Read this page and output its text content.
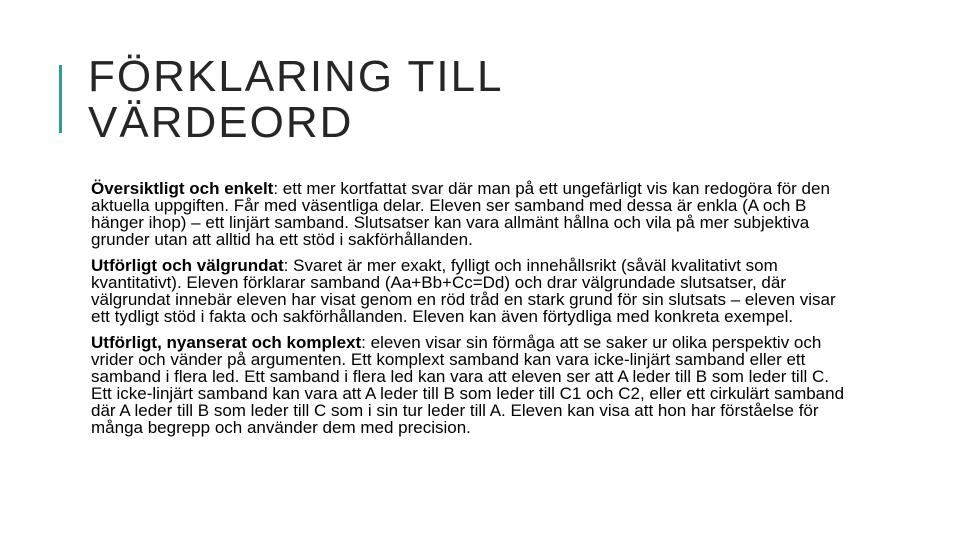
FÖRKLARING TILL
VÄRDEORD

Översiktligt och enkelt: ett mer kortfattat svar där man på ett ungefärligt vis kan redogöra för den aktuella uppgiften. Får med väsentliga delar. Eleven ser samband med dessa är enkla (A och B hänger ihop) – ett linjärt samband. Slutsatser kan vara allmänt hållna och vila på mer subjektiva grunder utan att alltid ha ett stöd i sakförhållanden.

Utförligt och välgrundat: Svaret är mer exakt, fylligt och innehållsrikt (såväl kvalitativt som kvantitativt). Eleven förklarar samband (Aa+Bb+Cc=Dd) och drar välgrundade slutsatser, där välgrundat innebär eleven har visat genom en röd tråd en stark grund för sin slutsats – eleven visar ett tydligt stöd i fakta och sakförhållanden. Eleven kan även förtydliga med konkreta exempel.

Utförligt, nyanserat och komplext: eleven visar sin förmåga att se saker ur olika perspektiv och vrider och vänder på argumenten. Ett komplext samband kan vara icke-linjärt samband eller ett samband i flera led. Ett samband i flera led kan vara att eleven ser att A leder till B som leder till C. Ett icke-linjärt samband kan vara att A leder till B som leder till C1 och C2, eller ett cirkulärt samband där A leder till B som leder till C som i sin tur leder till A. Eleven kan visa att hon har förståelse för många begrepp och använder dem med precision.
